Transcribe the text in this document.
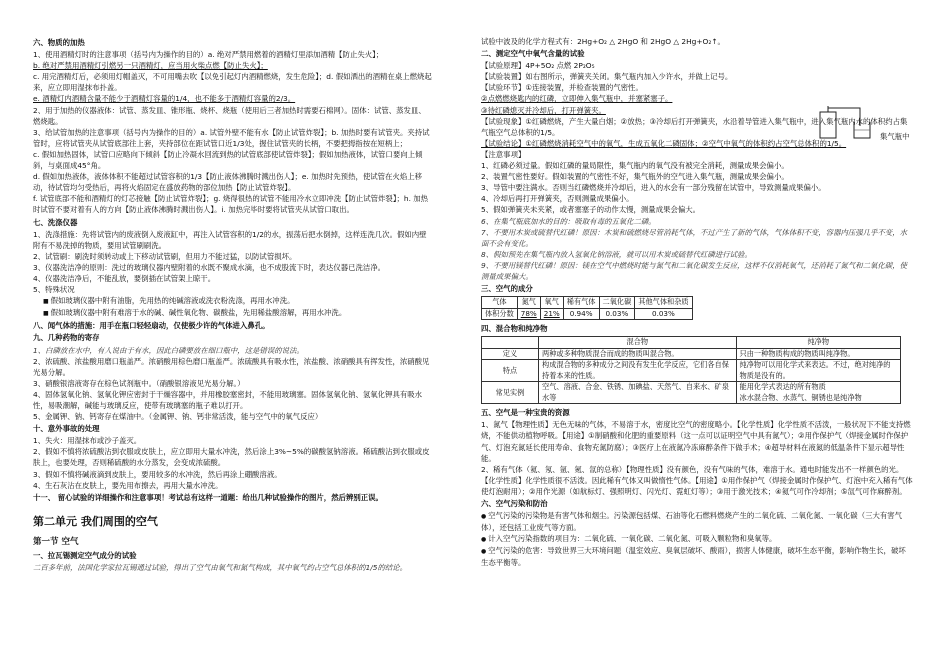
六、物质的加热

1、使用酒精灯时的注意事项（括号内为操作的目的）a. 绝对严禁用燃着的酒精灯里添加酒精【防止失火】；

b. 绝对严禁用酒精灯引燃另一只酒精灯，应当用火柴点燃【防止失火】；

c. 用完酒精灯后，必须用灯帽盖灭，不可用嘴去吹【以免引起灯内酒精燃烧，发生危险】；d. 假如洒出的酒精在桌上燃烧起来，应立即用湿抹布扑盖。

e. 酒精灯内酒精含量不能少于酒精灯容量的1/4，也不能多于酒精灯容量的2/3。

2、用于加热的仪器液体：试管、蒸发皿、锥形瓶、烧杯、烧瓶（使用后三者加热时需要石棉网）。固体：试管、蒸发皿、燃烧匙。

3、给试管加热的注意事项（括号内为操作的目的）a. 试管外壁不能有水【防止试管炸裂】；b. 加热时要有试管夹。夹持试管时，应将试管夹从试管底部往上套，夹持部位在距试管口近1/3处，握住试管夹的长柄，不要把拇指按在短柄上；

c. 假如加热固体，试管口应略向下倾斜【防止冷凝水回流到热的试管底部使试管炸裂】；假如加热液体，试管口要向上倾斜，与桌面成45°角。

d. 假如加热液体，液体体积不能超过试管容积的1/3【防止液体沸腾时溅出伤人】；e. 加热时先预热，使试管在火焰上移动，待试管均匀受热后，再将火焰固定在盛放药物的部位加热【防止试管炸裂】。

f. 试管底部不能和酒精灯的灯芯接触【防止试管炸裂】；g. 烧得很热的试管不能用冷水立即冲洗【防止试管炸裂】；h. 加热时试管不要对着有人的方向【防止液体沸腾时溅出伤人】。i. 加热完毕时要将试管夹从试管口取出。

七、洗涤仪器

1、洗涤措施：先将试管内的废液倒入废液缸中，再注入试管容积的1/2的水，振荡后把水倒掉，这样连洗几次。假如内壁附有不易洗掉的物质，要用试管刷刷洗。

2、试管刷：刷洗时须转动或上下移动试管刷，但用力不能过猛，以防试管损坏。

3、仪器洗洁净的原则：洗过的玻璃仪器内壁附着的水既不聚成水滴，也不成股流下时，表达仪器已洗洁净。

4、仪器洗洁净后，不能乱放，要倒插在试管架上晾干。

5、特殊状况

■ 假如玻璃仪器中附有油脂，先用热的纯碱溶液或洗衣粉洗涤，再用水冲洗。

■ 假如玻璃仪器中附有难溶于水的碱、碱性氧化物、碳酸盐，先用稀盐酸溶解，再用水冲洗。

八、闻气体的措施：用手在瓶口轻轻扇动，仅使极少许的气体进入鼻孔。
九、几种药物的寄存

1、白磷放在水中，有人说由于有水，因此白磷要放在细口瓶中，这是错误的说法。

2、浓硫酸、浓盐酸用磨口瓶盖严。浓硝酸用棕色磨口瓶盖严。浓硫酸具有吸水性，浓盐酸、浓硝酸具有挥发性，浓硝酸见光易分解。

3、硝酸银溶液寄存在棕色试剂瓶中。（硝酸银溶液见光易分解。）

4、固体氢氧化钠、氢氧化钾应密封于干燥容器中，并用橡胶塞密封，不能用玻璃塞。固体氢氧化钠、氢氧化钾具有吸水性，易吸潮解，碱能与玻璃反应，使带有玻璃塞的瓶子难以打开。

5、金属钾、钠、钙寄存在煤油中。（金属钾、钠、钙非常活泼，能与空气中的氧气反应）

十、意外事故的处理

1、失火：用湿抹布或沙子盖灭。

2、假如不慎将浓硫酸沾到衣服或皮肤上，应立即用大量水冲洗，然后涂上3%~5%的碳酸氢钠溶液。稀硫酸沾到衣服或皮肤上，也要处理，否则稀硫酸的水分蒸发，会变成浓硫酸。

3、假如不慎将碱液滴到皮肤上，要用较多的水冲洗，然后再涂上硼酸溶液。

4、生石灰沾在皮肤上，要先用布擦去，再用大量水冲洗。

十一、 留心试验的详细操作和注意事项！考试总有这样一道题：给出几种试验操作的图片，然后辨别正误。
第二单元 我们周围的空气
第一节 空气
一、拉瓦锡测定空气成分的试验

二百多年前，法国化学家拉瓦锡通过试验，得出了空气由氧气和氮气构成，其中氧气约占空气总体积的1/5的结论。

试验中波及的化学方程式有：2Hg+O₂ △ 2HgO 和 2HgO △ 2Hg+O₂↑。

二、测定空气中氧气含量的试验

【试验原理】4P+5O₂ 点燃 2P₂O₅

【试验装置】如右图所示，弹簧夹关闭。集气瓶内加入少许水，并做上记号。

【试验环节】①连接装置，并检查装置的气密性。

②点燃燃烧匙内的红磷，立即伸入集气瓶中，并塞紧塞子。

③待红磷熄灭并冷却后，打开弹簧夹。

【试验现象】①红磷燃烧，产生大量白烟；②放热；③冷却后打开弹簧夹，水沿着导管进入集气瓶中，进入集气瓶内水的体积约占集气瓶空气总体积的1/5。

【试验结论】①红磷燃烧消耗空气中的氧气，生成五氧化二磷固体；②空气中氧气的体积约占空气总体积的1/5。

【注意事项】

1、红磷必须过量。假如红磷的量局限性，集气瓶内的氧气没有被完全消耗，测量成果会偏小。

2、装置气密性要好。假如装置的气密性不好，集气瓶外的空气进入集气瓶，测量成果会偏小。

3、导管中要注满水。否则当红磷燃烧并冷却后，进入的水会有一部分残留在试管中，导致测量成果偏小。

4、冷却后再打开弹簧夹，否则测量成果偏小。

5、假如弹簧夹未夹紧，或者塞塞子的动作太慢，测量成果会偏大。

6、在集气瓶底加水的目的：吸取有毒的五氧化二磷。

7、不要用木炭或硫替代红磷！原因：木炭和硫燃烧尽管消耗气体，不过产生了新的气体，气体体积不变，容器内压强几乎不变，水面不会有变化。

8、假如预先在集气瓶内放入氢氧化钠溶液，就可以用木炭或硫替代红磷进行试验。

9、不要用镁替代红磷！原因：镁在空气中燃烧时能与氮气和二氧化碳发生反应，这样不仅消耗氧气，还消耗了氮气和二氧化碳，使测量成果偏大。

三、空气的成分
气体	氮气	氧气	稀有气体	二氧化碳	其他气体和杂质
体积分数	78%	21%	0.94%	0.03%	0.03%
四、混合物和纯净物
	混合物	纯净物
定义	两种或多种物质混合而成的物质叫混合物。	只由一种物质构成的物质叫纯净物。
特点	构成混合物的多种成分之间没有发生化学反应，它们各自保持着本来的性质。	纯净物可以用化学式来表达。不过，绝对纯净的物质是没有的。
常见实例	空气、溶液、合金、铁锈、加碘盐、天然气、自来水、矿泉水等	能用化学式表达的所有物质
冰水混合物、水蒸气、铜锈也是纯净物
五、空气是一种宝贵的资源

1、氮气【物理性质】无色无味的气体，不易溶于水，密度比空气的密度略小。【化学性质】化学性质不活泼，一般状况下不能支持燃烧，不能供动植物呼吸。【用途】①制硝酸和化肥的重要原料（这一点可以证明空气中具有氮气）；②用作保护气（焊接金属时作保护气、灯泡充氮延长使用寿命、食物充氮防腐）；③医疗上在液氮冷冻麻醉条件下做手术；④超导材料在液氮的低温条件下显示超导性能。

2、稀有气体（氦、氖、氩、氪、氙的总称）【物理性质】没有颜色，没有气味的气体，难溶于水。通电时能发出不一样颜色的光。【化学性质】化学性质很不活泼。因此稀有气体又叫做惰性气体。【用途】①用作保护气（焊接金属时作保护气、灯泡中充入稀有气体使灯泡耐用）；②用作光源（如航标灯、强照明灯、闪光灯、霓虹灯等）；③用于激光技术；④氦气可作冷却剂；⑤氙气可作麻醉剂。

六、空气污染和防治

● 空气污染的污染物是有害气体和烟尘。污染源包括煤、石油等化石燃料燃烧产生的二氧化硫、二氧化氮、一氧化碳（三大有害气体），还包括工业废气等方面。

● 计入空气污染指数的项目为：二氧化硫、一氧化碳、二氧化氮、可吸入颗粒物和臭氧等。

● 空气污染的危害：导致世界三大环境问题（温室效应、臭氧层破坏、酸雨），损害人体健康，破坏生态平衡，影响作物生长，破坏生态平衡等。

集气瓶中
